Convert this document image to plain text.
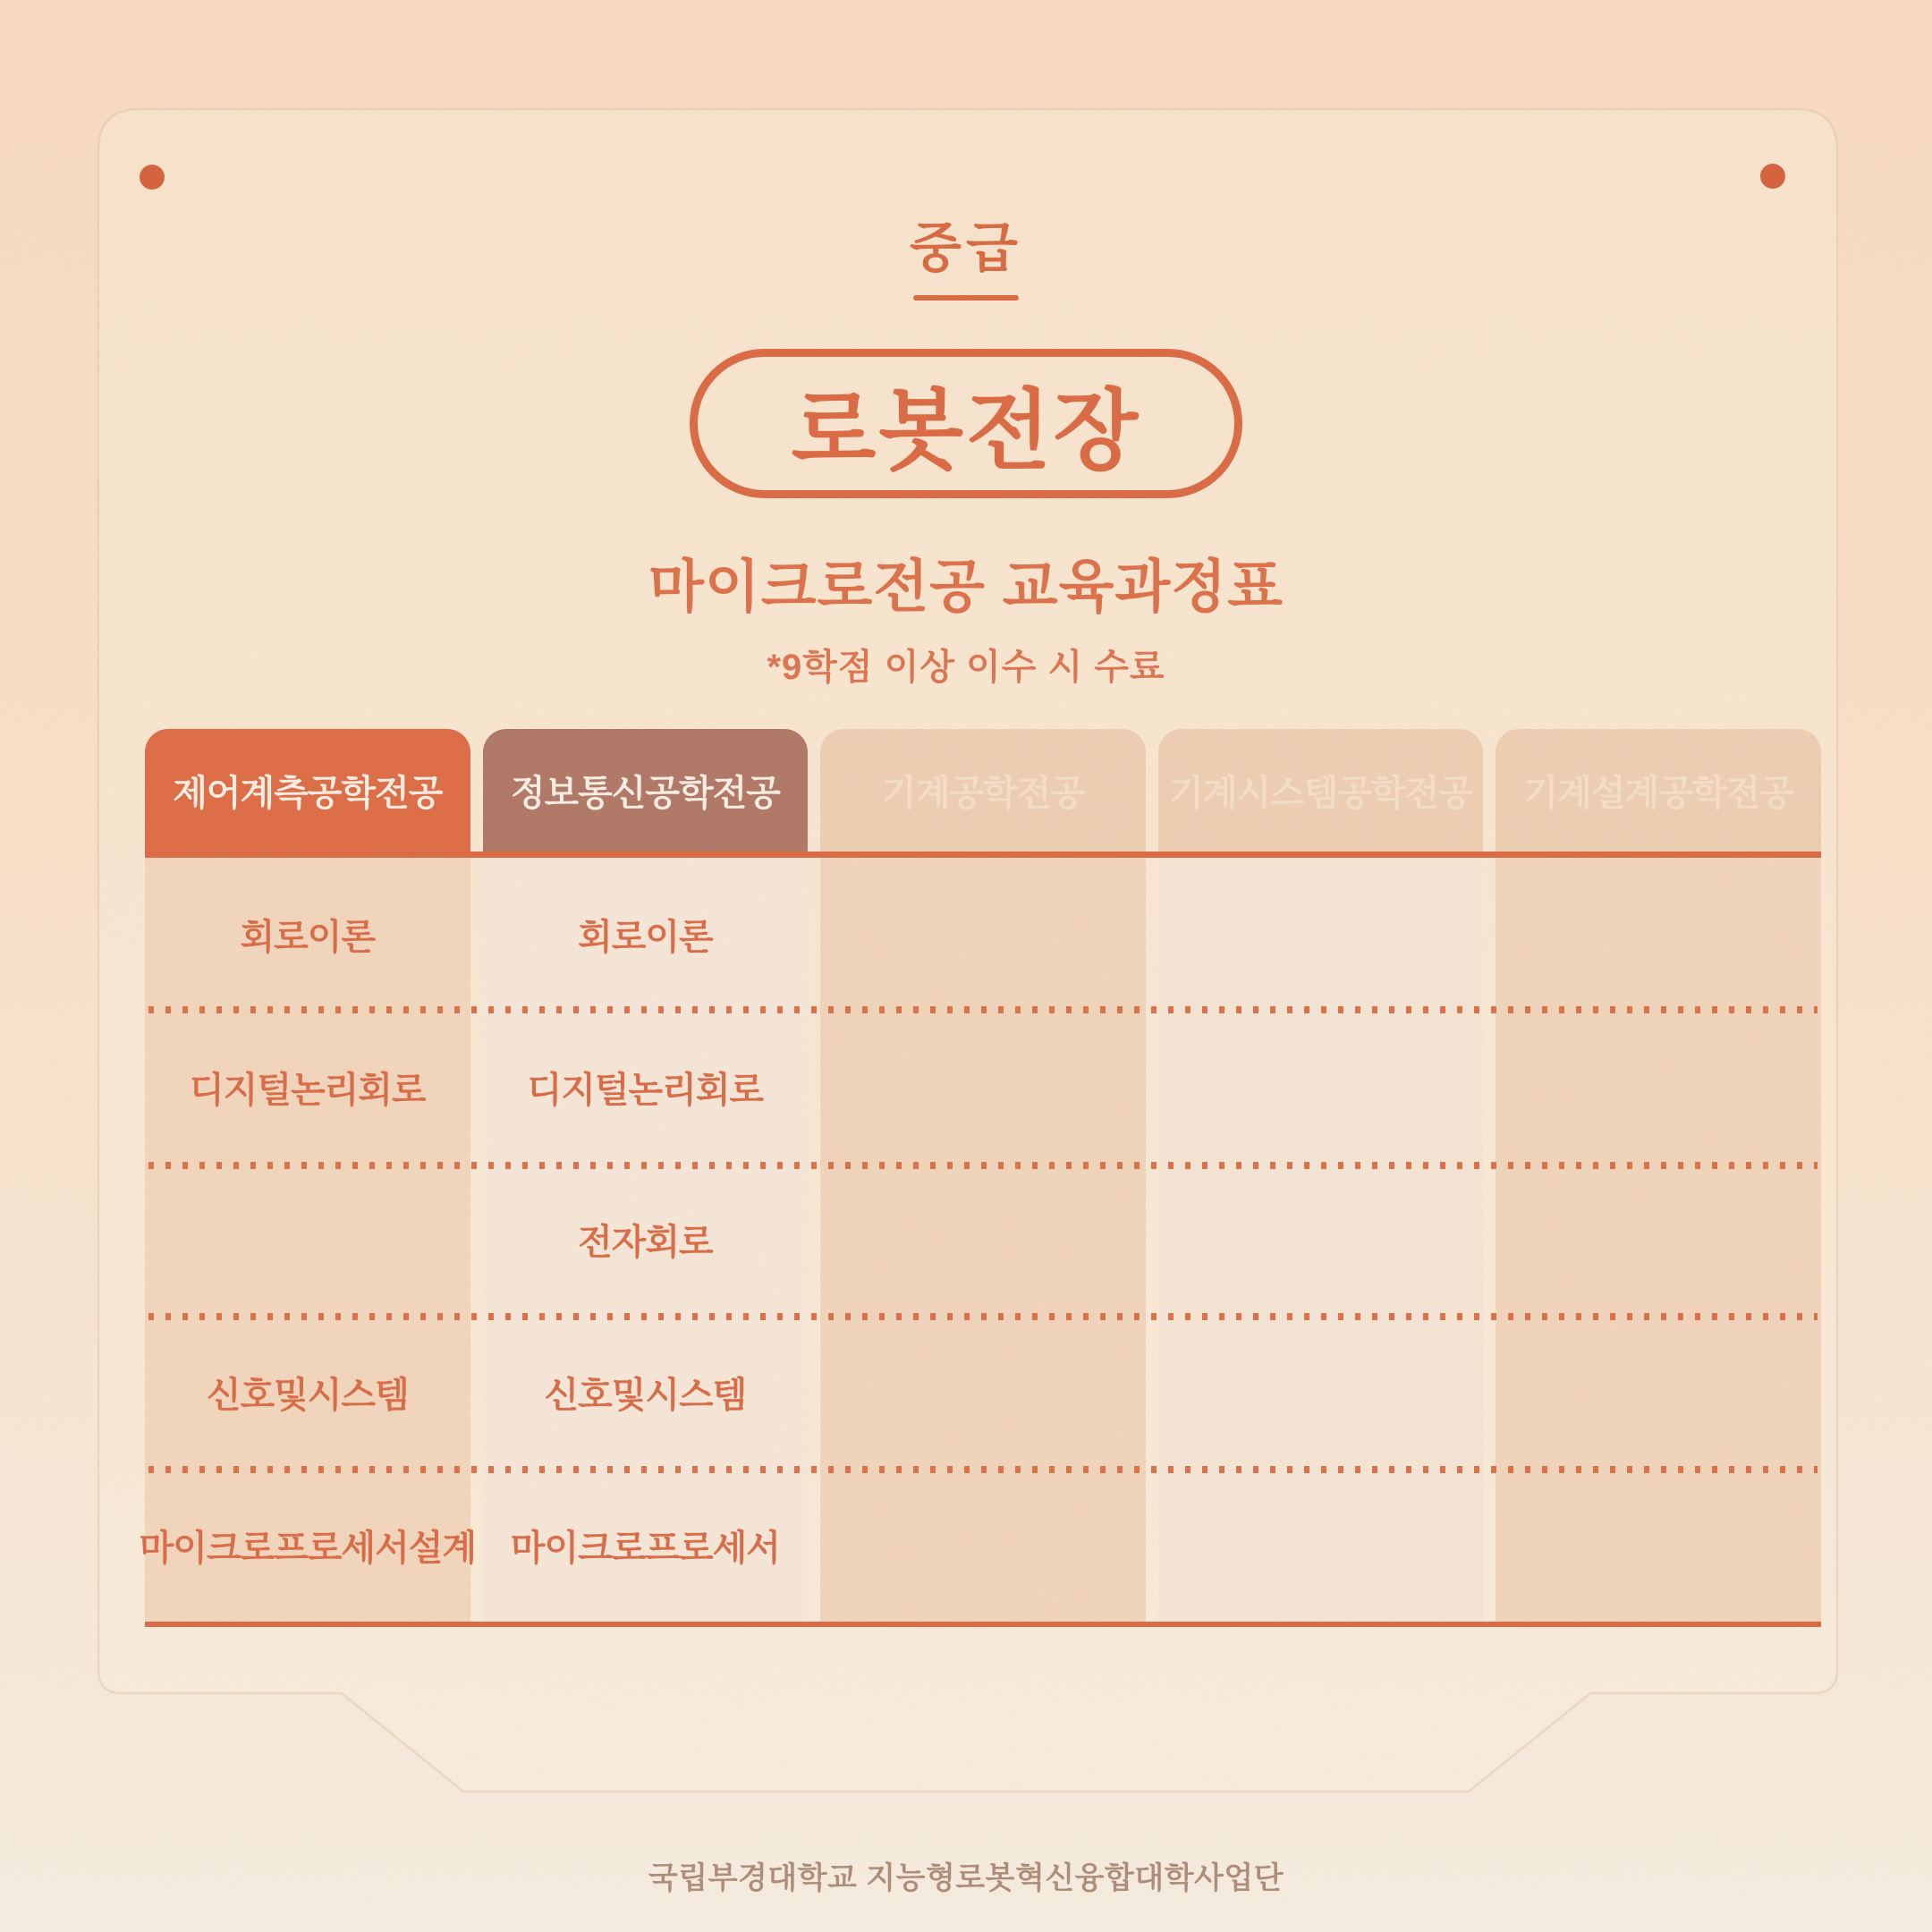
중급
로봇전장
마이크로전공 교육과정표
*9학점 이상 이수 시 수료
제어계측공학전공
회로이론
디지털논리회로
신호및시스템
마이크로프로세서설계
정보통신공학전공
회로이론
디지털논리회로
전자회로
신호및시스템
마이크로프로세서
기계공학전공	기계시스템공학전공	기계설계공학전공
국립부경대학교 지능형로봇혁신융합대학사업단
